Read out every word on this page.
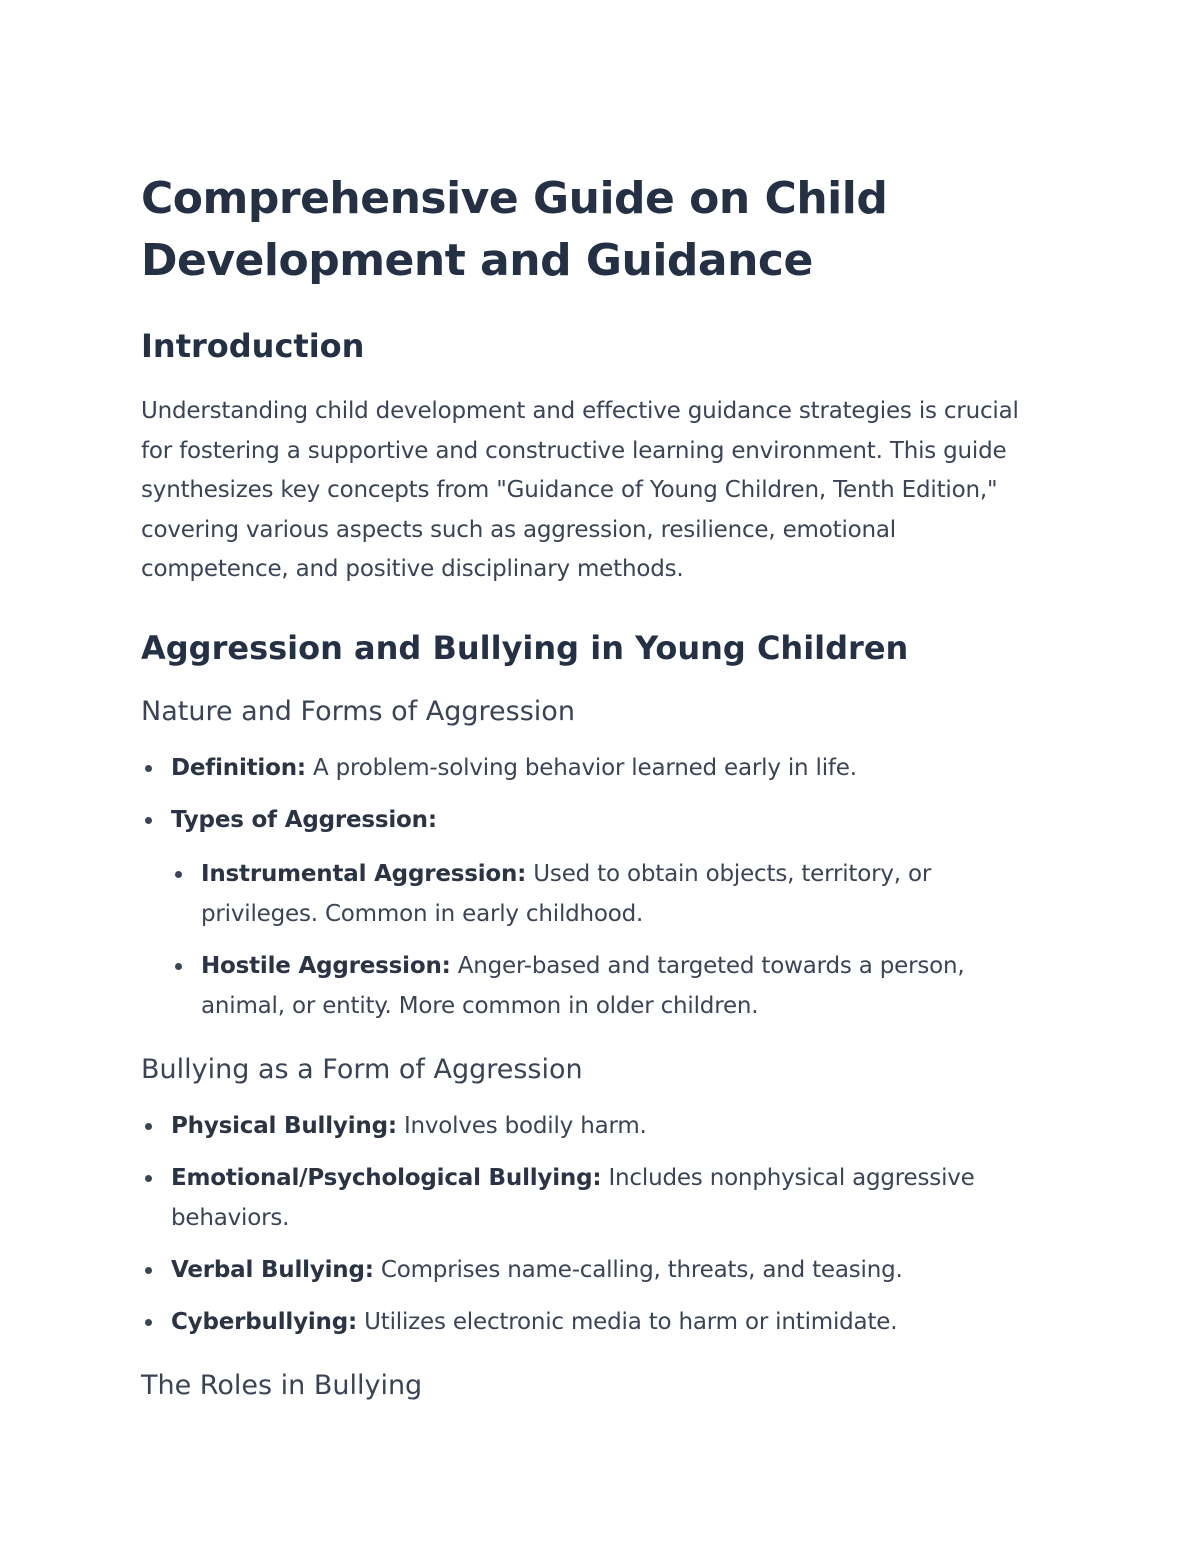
Comprehensive Guide on Child Development and Guidance
Introduction

Understanding child development and effective guidance strategies is crucial for fostering a supportive and constructive learning environment. This guide synthesizes key concepts from "Guidance of Young Children, Tenth Edition," covering various aspects such as aggression, resilience, emotional competence, and positive disciplinary methods.

Aggression and Bullying in Young Children
Nature and Forms of Aggression
Definition: A problem-solving behavior learned early in life.
Types of Aggression:
Instrumental Aggression: Used to obtain objects, territory, or privileges. Common in early childhood.
Hostile Aggression: Anger-based and targeted towards a person, animal, or entity. More common in older children.
Bullying as a Form of Aggression
Physical Bullying: Involves bodily harm.
Emotional/Psychological Bullying: Includes nonphysical aggressive behaviors.
Verbal Bullying: Comprises name-calling, threats, and teasing.
Cyberbullying: Utilizes electronic media to harm or intimidate.
The Roles in Bullying
